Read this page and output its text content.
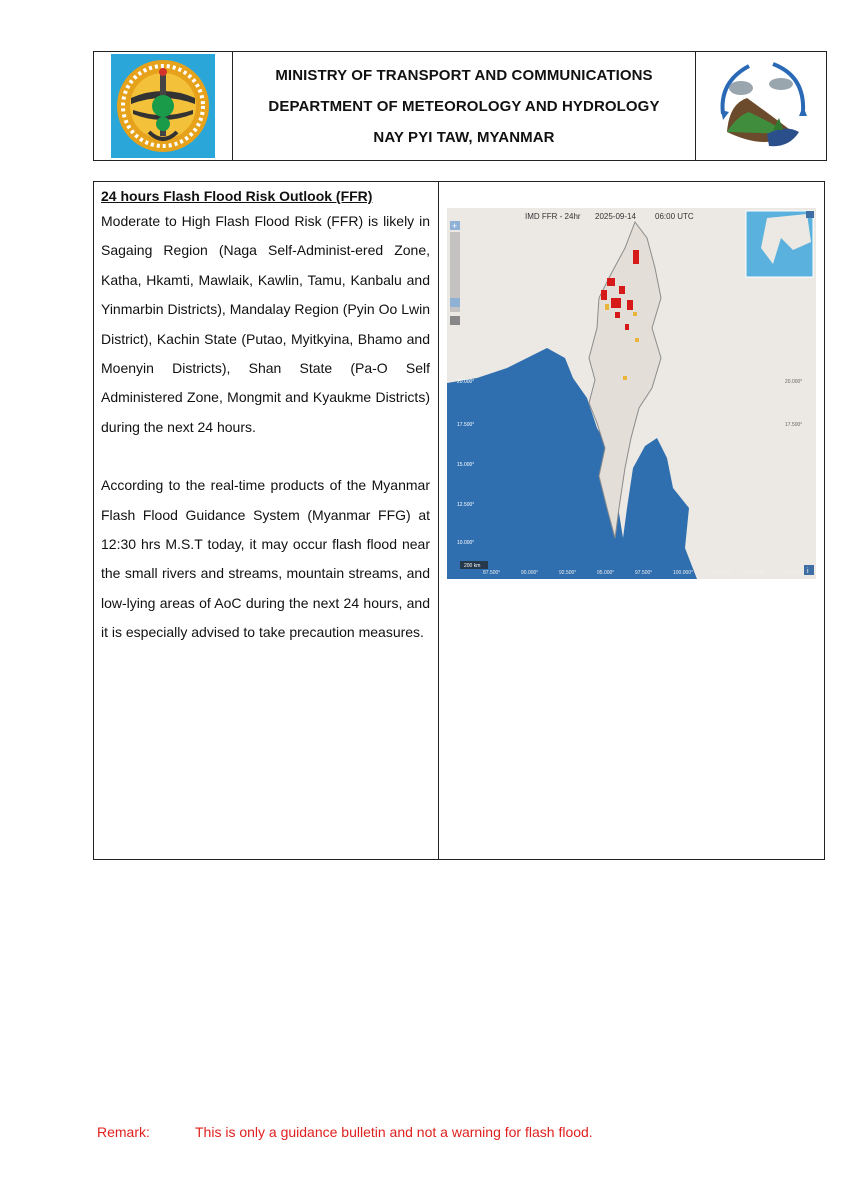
MINISTRY OF TRANSPORT AND COMMUNICATIONS
DEPARTMENT OF METEOROLOGY AND HYDROLOGY
NAY PYI TAW, MYANMAR
24 hours Flash Flood Risk Outlook (FFR)

Moderate to High Flash Flood Risk (FFR) is likely in Sagaing Region (Naga Self-Administ-ered Zone, Katha, Hkamti, Mawlaik, Kawlin, Tamu, Kanbalu and Yinmarbin Districts), Mandalay Region (Pyin Oo Lwin District), Kachin State (Putao, Myitkyina, Bhamo and Moenyin Districts), Shan State (Pa-O Self Administered Zone, Mongmit and Kyaukme Districts) during the next 24 hours.

According to the real-time products of the Myanmar Flash Flood Guidance System (Myanmar FFG) at 12:30 hrs M.S.T today, it may occur flash flood near the small rivers and streams, mountain streams, and low-lying areas of AoC during the next 24 hours, and it is especially advised to take precaution measures.

IMD FFR - 24hr 2025-09-14 06:00 UTC
+
20.000°
17.500°
15.000°
12.500°
10.000°
20.000°
17.500°
87.500°	90.000°	92.500°	95.000°	97.500°	100.000°	102.500°	105.000°	107.500°
200 km
i
Remark:	This is only a guidance bulletin and not a warning for flash flood.
